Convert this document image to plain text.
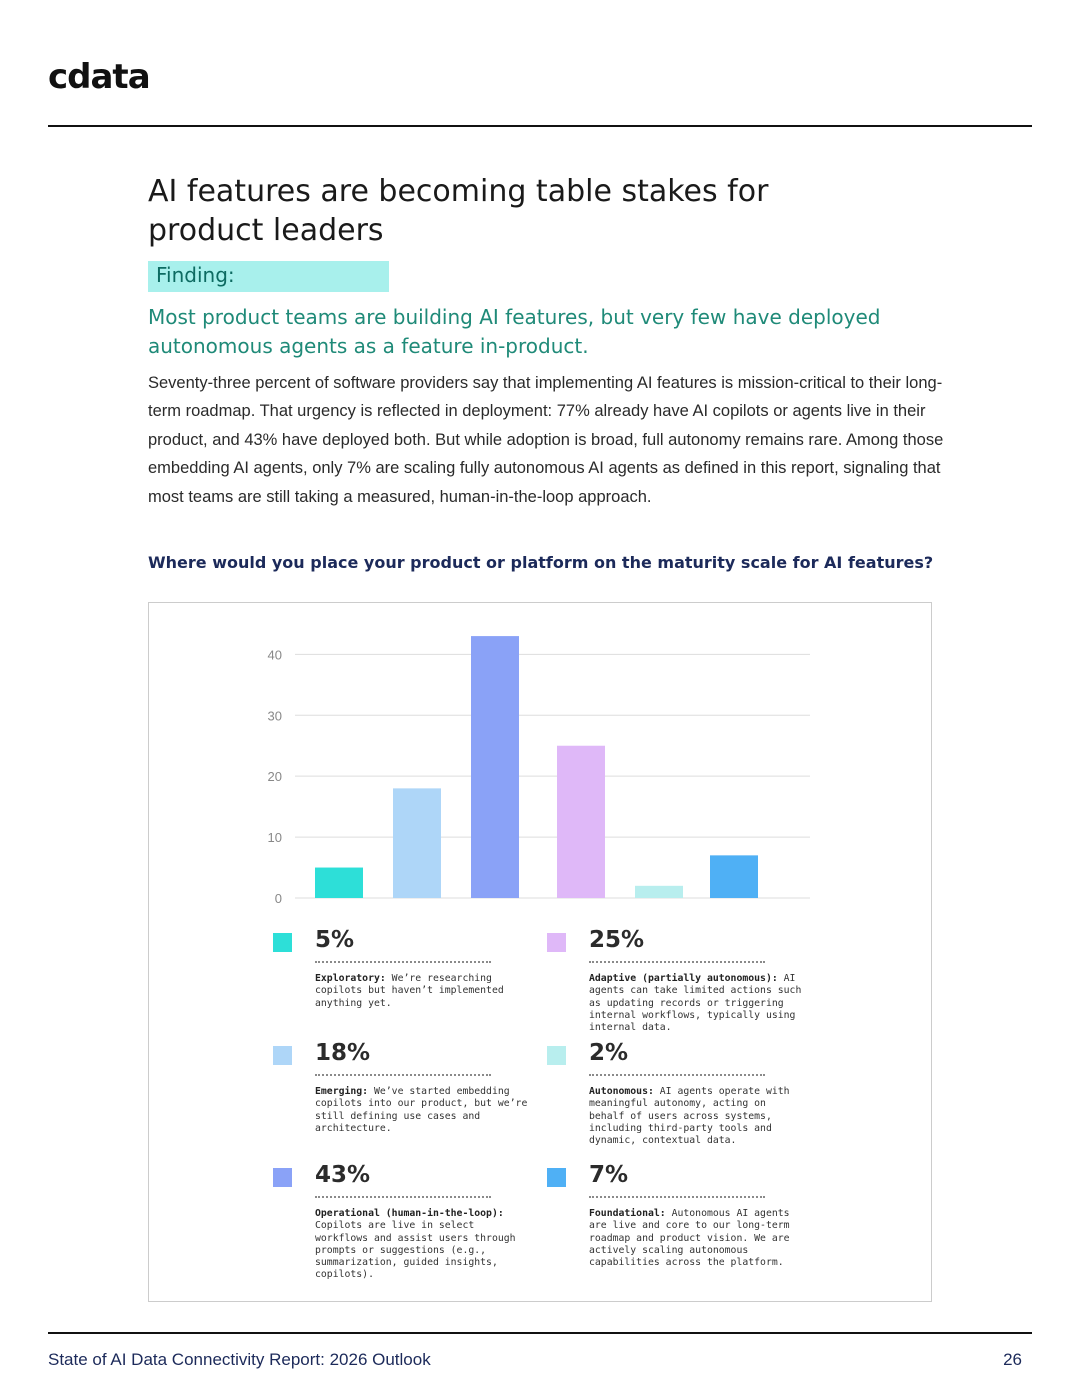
cdata
AI features are becoming table stakes for product leaders
Finding:

Most product teams are building AI features, but very few have deployed autonomous agents as a feature in-product.

Seventy-three percent of software providers say that implementing AI features is mission-critical to their long-term roadmap. That urgency is reflected in deployment: 77% already have AI copilots or agents live in their product, and 43% have deployed both. But while adoption is broad, full autonomy remains rare. Among those embedding AI agents, only 7% are scaling fully autonomous AI agents as defined in this report, signaling that most teams are still taking a measured, human-in-the-loop approach.

Where would you place your product or platform on the maturity scale for AI features?

0
10
20
30
40
5%
Exploratory: We’re researching copilots but haven’t implemented anything yet.
18%
Emerging: We’ve started embedding copilots into our product, but we’re still defining use cases and architecture.
43%
Operational (human-in-the-loop): Copilots are live in select workflows and assist users through prompts or suggestions (e.g., summarization, guided insights, copilots).
25%
Adaptive (partially autonomous): AI agents can take limited actions such as updating records or triggering internal workflows, typically using internal data.
2%
Autonomous: AI agents operate with meaningful autonomy, acting on behalf of users across systems, including third-party tools and dynamic, contextual data.
7%
Foundational: Autonomous AI agents are live and core to our long-term roadmap and product vision. We are actively scaling autonomous capabilities across the platform.
State of AI Data Connectivity Report: 2026 Outlook	26
